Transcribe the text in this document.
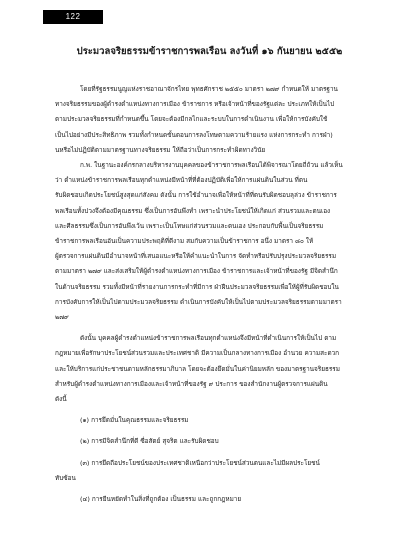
122
ประมวลจริยธรรมข้าราชการพลเรือน ลงวันที่ ๑๖ กันยายน ๒๕๕๒
โดยที่รัฐธรรมนูญแห่งราชอาณาจักรไทย พุทธศักราช ๒๕๕๐ มาตรา ๒๗๙ กำหนดให้ มาตรฐาน
ทางจริยธรรมของผู้ดำรงตำแหน่งทางการเมือง ข้าราชการ หรือเจ้าหน้าที่ของรัฐแต่ละ ประเภทให้เป็นไป
ตามประมวลจริยธรรมที่กำหนดขึ้น โดยจะต้องมีกลไกและระบบในการดำเนินงาน เพื่อให้การบังคับใช้
เป็นไปอย่างมีประสิทธิภาพ รวมทั้งกำหนดขั้นตอนการลงโทษตามความร้ายแรง แห่งการกระทำ การฝ่า)
นหรือไม่ปฏิบัติตามมาตรฐานทางจริยธรรม ให้ถือว่าเป็นการกระทำผิดทางวินัย
ก.พ. ในฐานะองค์กรกลางบริหารงานบุคคลของข้าราชการพลเรือนได้พิจารณาโดยถี่ถ้วน แล้วเห็น
ว่า ตำแหน่งข้าราชการพลเรือนทุกตำแหน่งมีหน้าที่ที่ต้องปฏิบัติเพื่อให้การแผ่นดินในส่วน ที่ตน
รับผิดชอบเกิดประโยชน์สูงสุดแก่สังคม ดังนั้น การใช้อำนาจเพื่อให้หน้าที่ที่ตนรับผิดชอบลุล่วง ข้าราชการ
พลเรือนทั้งปวงจึงต้องมีคุณธรรม ซึ่งเป็นการอันพึงทำ เพราะนำประโยชน์ให้เกิดแก่ ส่วนรวมและตนเอง
และศีลธรรมซึ่งเป็นการอันพึงเว้น เพราะเป็นโทษแก่ส่วนรวมและตนเอง ประกอบกับพื้นเป็นจริยธรรม
ข้าราชการพลเรือนอันเป็นความประพฤติที่ดีงาม สมกับความเป็นข้าราชการ อนึ่ง มาตรา ๘๐ ให้
ผู้ตรวจการแผ่นดินมีอำนาจหน้าที่เสนอแนะหรือให้คำแนะนำในการ จัดทำหรือปรับปรุงประมวลจริยธรรม
ตามมาตรา ๒๗๙ และส่งเสริมให้ผู้ดำรงตำแหน่งทางการเมือง ข้าราชการและเจ้าหน้าที่ของรัฐ มีจิตสำนึก
ในด้านจริยธรรม รวมทั้งมีหน้าที่รายงานการกระทำที่มีการ ฝ่าฝืนประมวลจริยธรรมเพื่อให้ผู้ที่รับผิดชอบใน
การบังคับการให้เป็นไปตามประมวลจริยธรรม ดำเนินการบังคับให้เป็นไปตามประมวลจริยธรรมตามมาตรา
๒๗๙
ดังนั้น บุคคลผู้ดำรงตำแหน่งข้าราชการพลเรือนทุกตำแหน่งจึงมีหน้าที่ดำเนินการให้เป็นไป ตาม
กฎหมายเพื่อรักษาประโยชน์ส่วนรวมและประเทศชาติ มีความเป็นกลางทางการเมือง อำนวย ความสะดวก
และให้บริการแก่ประชาชนตามหลักธรรมาภิบาล โดยจะต้องยึดมั่นในค่านิยมหลัก ของมาตรฐานจริยธรรม
สำหรับผู้ดำรงตำแหน่งทางการเมืองและเจ้าหน้าที่ของรัฐ ๙ ประการ ของสำนักงานผู้ตรวจการแผ่นดิน
ดังนี้
(๑) การยึดมั่นในคุณธรรมและจริยธรรม
(๒) การมีจิตสำนึกที่ดี ซื่อสัตย์ สุจริต และรับผิดชอบ
(๓) การยึดถือประโยชน์ของประเทศชาติเหนือกว่าประโยชน์ส่วนตนและไม่มีผลประโยชน์
ทับซ้อน
(๔) การยืนหยัดทำในสิ่งที่ถูกต้อง เป็นธรรม และถูกกฎหมาย
